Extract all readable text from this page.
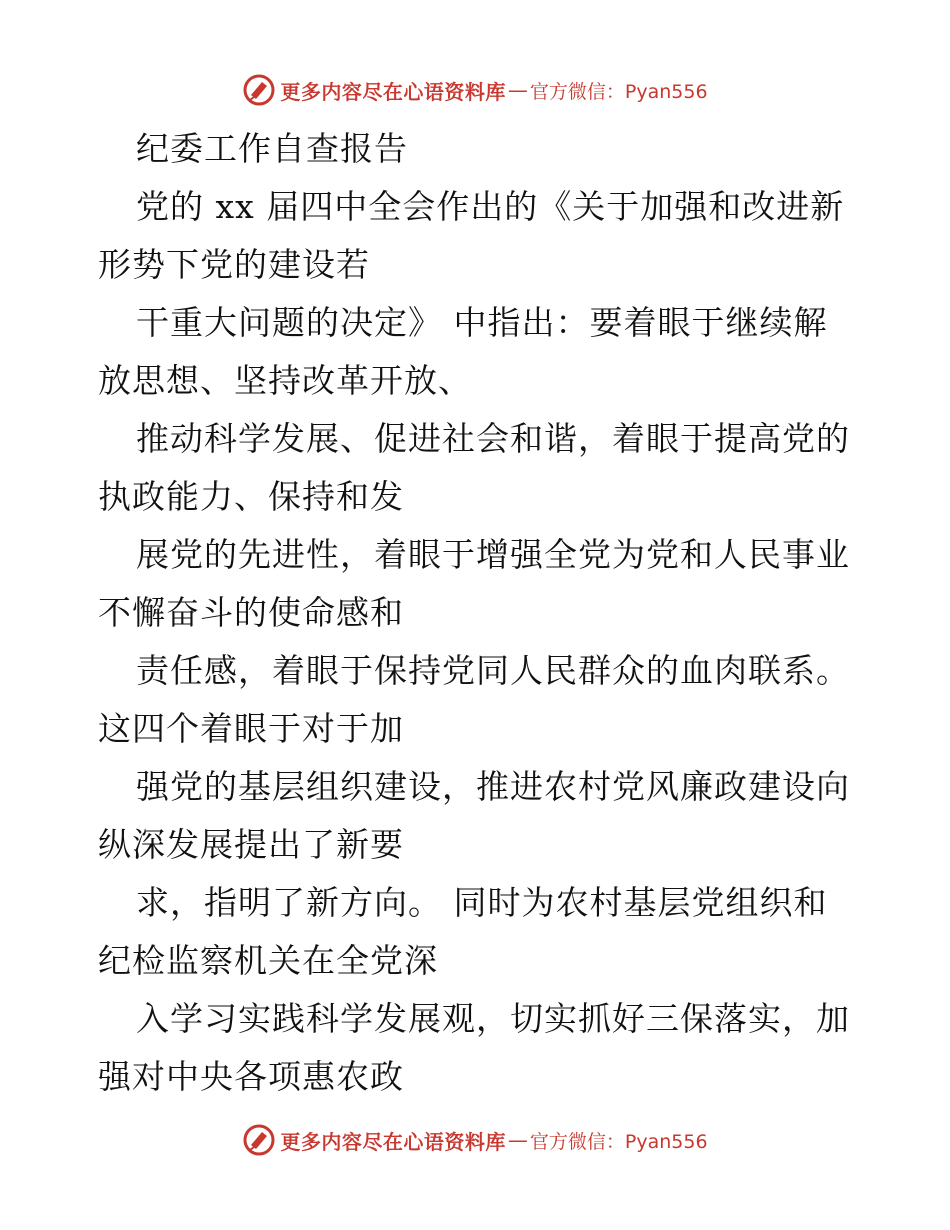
更多内容尽在心语资料库 — 官方微信：Pyan556
纪委工作自查报告
党的 xx 届四中全会作出的《关于加强和改进新
形势下党的建设若
干重大问题的决定》 中指出：要着眼于继续解
放思想、坚持改革开放、
推动科学发展、促进社会和谐，着眼于提高党的
执政能力、保持和发
展党的先进性，着眼于增强全党为党和人民事业
不懈奋斗的使命感和
责任感，着眼于保持党同人民群众的血肉联系。
这四个着眼于对于加
强党的基层组织建设，推进农村党风廉政建设向
纵深发展提出了新要
求，指明了新方向。 同时为农村基层党组织和
纪检监察机关在全党深
入学习实践科学发展观，切实抓好三保落实，加
强对中央各项惠农政
更多内容尽在心语资料库 — 官方微信：Pyan556
